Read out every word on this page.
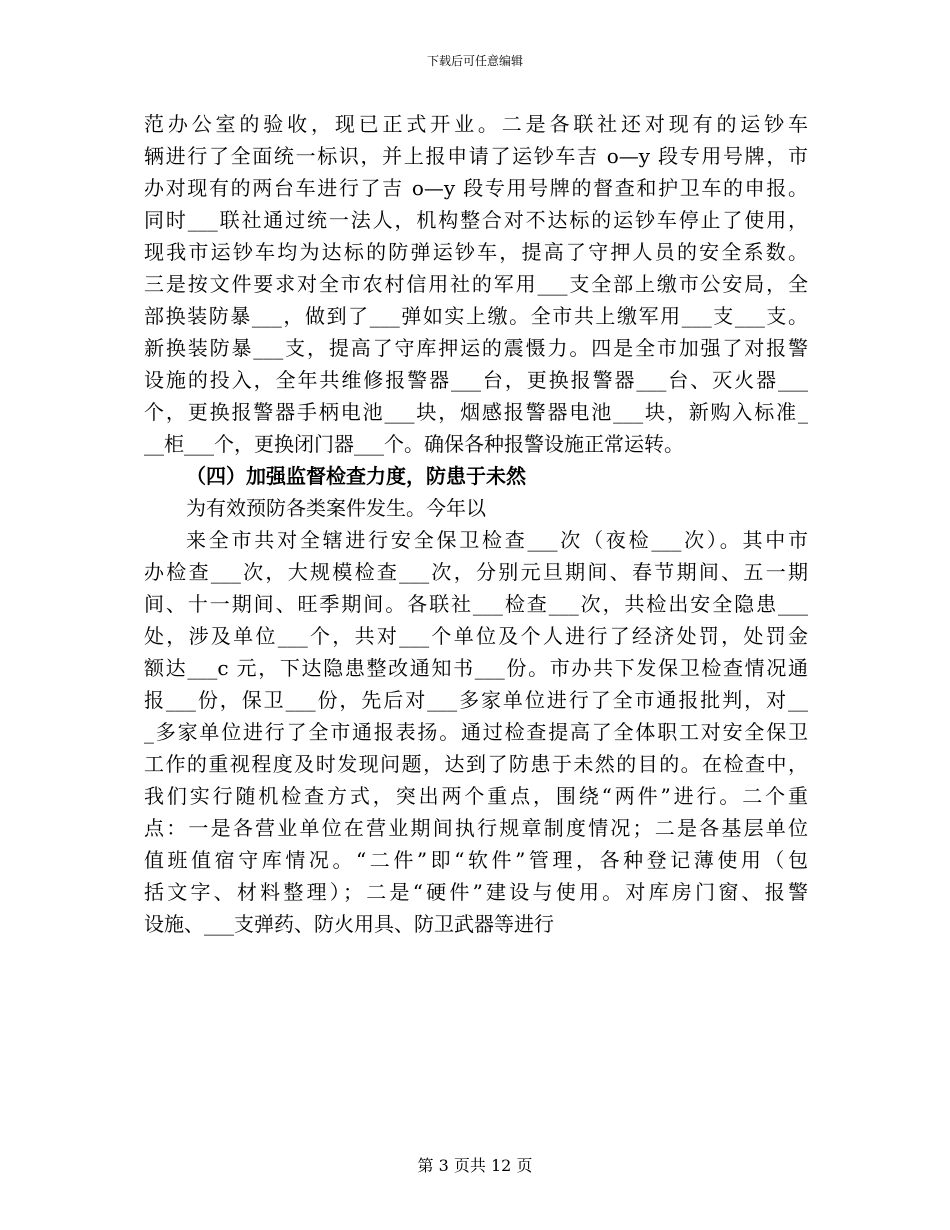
下载后可任意编辑
范办公室的验收，现已正式开业。二是各联社还对现有的运钞车
辆进行了全面统一标识，并上报申请了运钞车吉 o—y 段专用号牌，市
办对现有的两台车进行了吉 o—y 段专用号牌的督查和护卫车的申报。
同时___联社通过统一法人，机构整合对不达标的运钞车停止了使用，
现我市运钞车均为达标的防弹运钞车，提高了守押人员的安全系数。
三是按文件要求对全市农村信用社的军用___支全部上缴市公安局，全
部换装防暴___，做到了___弹如实上缴。全市共上缴军用___支___支。
新换装防暴___支，提高了守库押运的震慑力。四是全市加强了对报警
设施的投入，全年共维修报警器___台，更换报警器___台、灭火器___
个，更换报警器手柄电池___块，烟感报警器电池___块，新购入标准_
__柜___个，更换闭门器___个。确保各种报警设施正常运转。
（四）加强监督检查力度，防患于未然
为有效预防各类案件发生。今年以
来全市共对全辖进行安全保卫检查___次（夜检___次）。其中市
办检查___次，大规模检查___次，分别元旦期间、春节期间、五一期
间、十一期间、旺季期间。各联社___检查___次，共检出安全隐患___
处，涉及单位___个，共对___个单位及个人进行了经济处罚，处罚金
额达___c 元，下达隐患整改通知书___份。市办共下发保卫检查情况通
报___份，保卫___份，先后对___多家单位进行了全市通报批判，对__
_多家单位进行了全市通报表扬。通过检查提高了全体职工对安全保卫
工作的重视程度及时发现问题，达到了防患于未然的目的。在检查中，
我们实行随机检查方式，突出两个重点，围绕“两件”进行。二个重
点：一是各营业单位在营业期间执行规章制度情况；二是各基层单位
值班值宿守库情况。“二件”即“软件”管理，各种登记薄使用（包
括文字、材料整理）；二是“硬件”建设与使用。对库房门窗、报警
设施、___支弹药、防火用具、防卫武器等进行
第 3 页共 12 页
